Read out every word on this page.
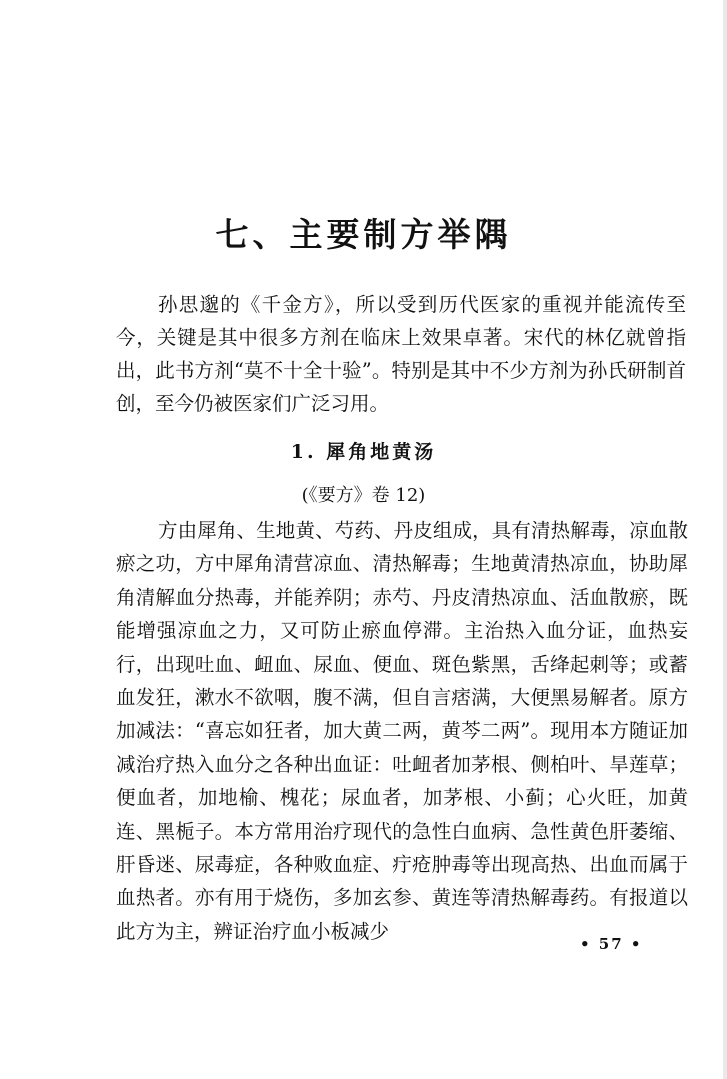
七、主要制方举隅

孙思邈的《千金方》，所以受到历代医家的重视并能流传至今，关键是其中很多方剂在临床上效果卓著。宋代的林亿就曾指出，此书方剂“莫不十全十验”。特别是其中不少方剂为孙氏研制首创，至今仍被医家们广泛习用。

1. 犀角地黄汤
(《要方》卷 12)

方由犀角、生地黄、芍药、丹皮组成，具有清热解毒，凉血散瘀之功，方中犀角清营凉血、清热解毒；生地黄清热凉血，协助犀角清解血分热毒，并能养阴；赤芍、丹皮清热凉血、活血散瘀，既能增强凉血之力，又可防止瘀血停滞。主治热入血分证，血热妄行，出现吐血、衄血、尿血、便血、斑色紫黑，舌绛起刺等；或蓄血发狂，漱水不欲咽，腹不满，但自言痞满，大便黑易解者。原方加减法：“喜忘如狂者，加大黄二两，黄芩二两”。现用本方随证加减治疗热入血分之各种出血证：吐衄者加茅根、侧柏叶、旱莲草；便血者，加地榆、槐花；尿血者，加茅根、小蓟；心火旺，加黄连、黑栀子。本方常用治疗现代的急性白血病、急性黄色肝萎缩、肝昏迷、尿毒症，各种败血症、疔疮肿毒等出现高热、出血而属于血热者。亦有用于烧伤，多加玄参、黄连等清热解毒药。有报道以此方为主，辨证治疗血小板减少

• 57 •
